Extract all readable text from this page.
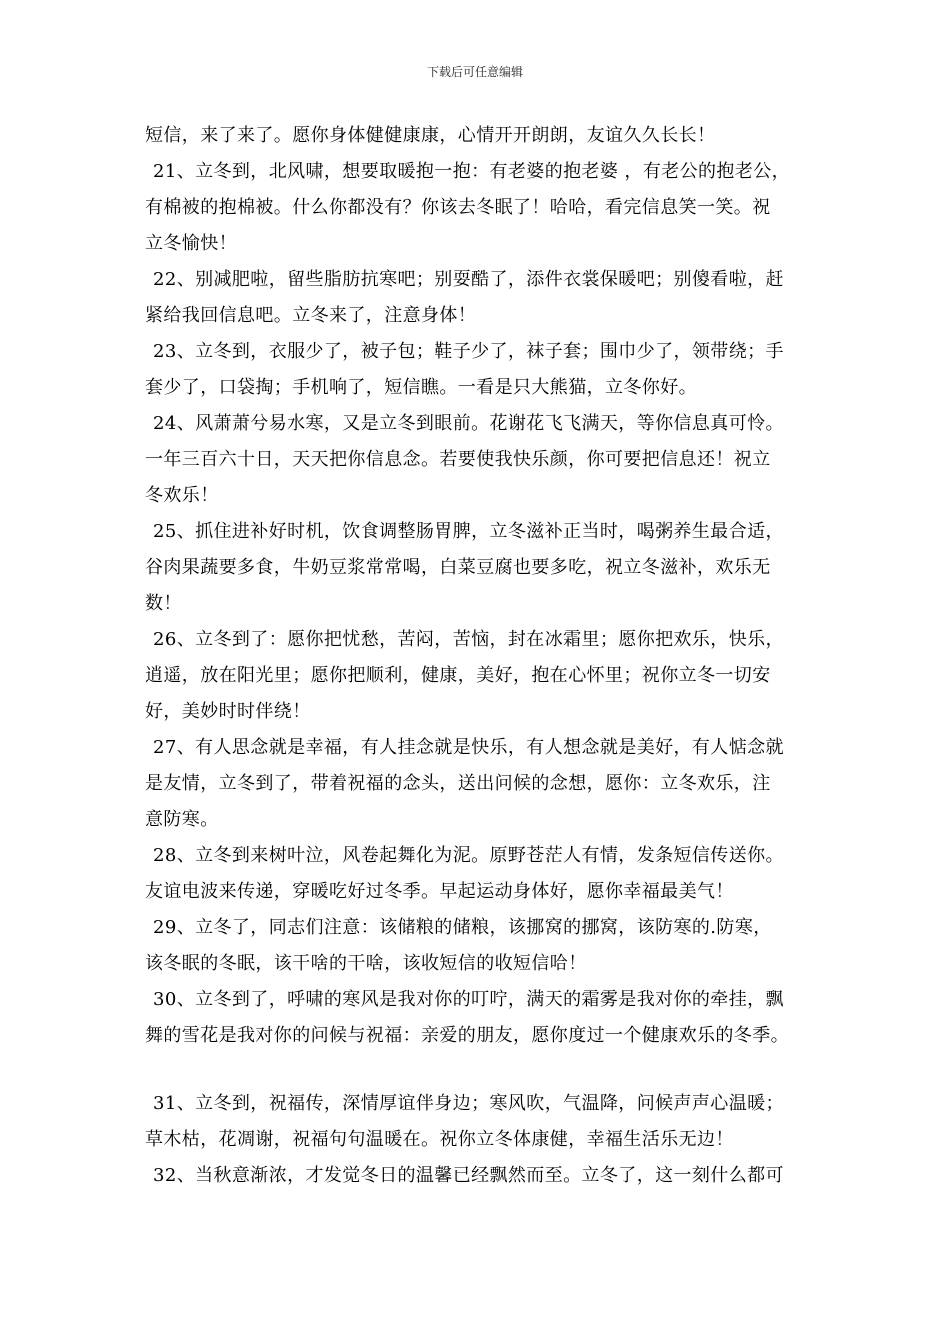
下载后可任意编辑
短信，来了来了。愿你身体健健康康，心情开开朗朗，友谊久久长长！
21、立冬到，北风啸，想要取暖抱一抱：有老婆的抱老婆 ，有老公的抱老公，
有棉被的抱棉被。什么你都没有？你该去冬眠了！哈哈，看完信息笑一笑。祝
立冬愉快！
22、别减肥啦，留些脂肪抗寒吧；别耍酷了，添件衣裳保暖吧；别傻看啦，赶
紧给我回信息吧。立冬来了，注意身体！
23、立冬到，衣服少了，被子包；鞋子少了，袜子套；围巾少了，领带绕；手
套少了，口袋掏；手机响了，短信瞧。一看是只大熊猫，立冬你好。
24、风萧萧兮易水寒，又是立冬到眼前。花谢花飞飞满天，等你信息真可怜。
一年三百六十日，天天把你信息念。若要使我快乐颜，你可要把信息还！祝立
冬欢乐！
25、抓住进补好时机，饮食调整肠胃脾，立冬滋补正当时，喝粥养生最合适，
谷肉果蔬要多食，牛奶豆浆常常喝，白菜豆腐也要多吃，祝立冬滋补，欢乐无
数！
26、立冬到了：愿你把忧愁，苦闷，苦恼，封在冰霜里；愿你把欢乐，快乐，
逍遥，放在阳光里；愿你把顺利，健康，美好，抱在心怀里；祝你立冬一切安
好，美妙时时伴绕！
27、有人思念就是幸福，有人挂念就是快乐，有人想念就是美好，有人惦念就
是友情，立冬到了，带着祝福的念头，送出问候的念想，愿你：立冬欢乐，注
意防寒。
28、立冬到来树叶泣，风卷起舞化为泥。原野苍茫人有情，发条短信传送你。
友谊电波来传递，穿暖吃好过冬季。早起运动身体好，愿你幸福最美气！
29、立冬了，同志们注意：该储粮的储粮，该挪窝的挪窝，该防寒的.防寒，
该冬眠的冬眠，该干啥的干啥，该收短信的收短信哈！
30、立冬到了，呼啸的寒风是我对你的叮咛，满天的霜雾是我对你的牵挂，飘
舞的雪花是我对你的问候与祝福：亲爱的朋友，愿你度过一个健康欢乐的冬季。
31、立冬到，祝福传，深情厚谊伴身边；寒风吹，气温降，问候声声心温暖；
草木枯，花凋谢，祝福句句温暖在。祝你立冬体康健，幸福生活乐无边！
32、当秋意渐浓，才发觉冬日的温馨已经飘然而至。立冬了，这一刻什么都可
